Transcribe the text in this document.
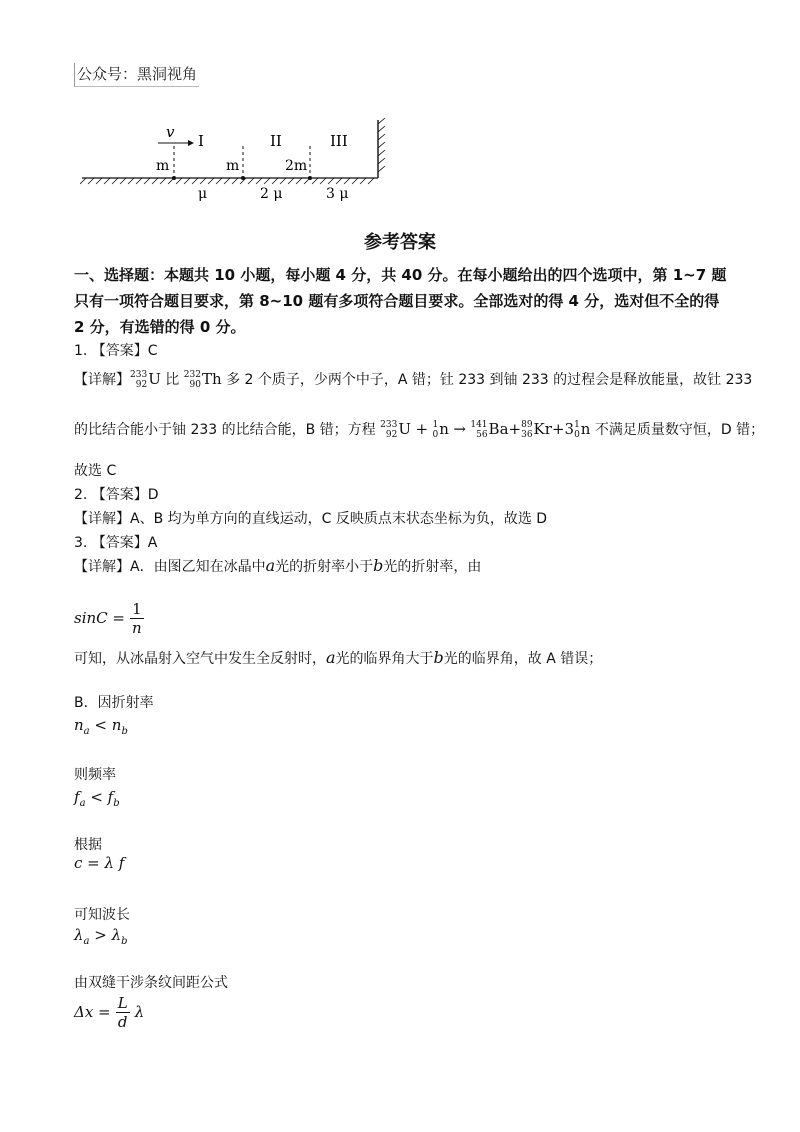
公众号：黑洞视角
v I	II	III
m	m	2m
μ	2 μ	3 μ
参考答案
一、选择题：本题共 10 小题，每小题 4 分，共 40 分。在每小题给出的四个选项中，第 1~7 题只有一项符合题目要求，第 8~10 题有多项符合题目要求。全部选对的得 4 分，选对但不全的得 2 分，有选错的得 0 分。
1. 【答案】C
【详解】 233
92 U 比 232
90 Th 多 2 个质子，少两个中子，A 错；钍 233 到铀 233 的过程会是释放能量，故钍 233
的比结合能小于铀 233 的比结合能，B 错；方程 233
92 U + 1
0 n → 141
56 Ba+ 89
36 Kr+3 1
0 n 不满足质量数守恒，D 错；
故选 C
2. 【答案】D
【详解】A、B 均为单方向的直线运动，C 反映质点末状态坐标为负，故选 D
3. 【答案】A
【详解】A．由图乙知在冰晶中a光的折射率小于b光的折射率，由
$\sin C = \frac{1}{n}$
可知，从冰晶射入空气中发生全反射时，a光的临界角大于b光的临界角，故 A 错误；
B．因折射率
$n_a < n_b$
则频率
$f_a < f_b$
根据
c = λ f
可知波长
$\lambda_a > \lambda_b$
由双缝干涉条纹间距公式
$\Delta x = \frac{L}{d}$ λ
